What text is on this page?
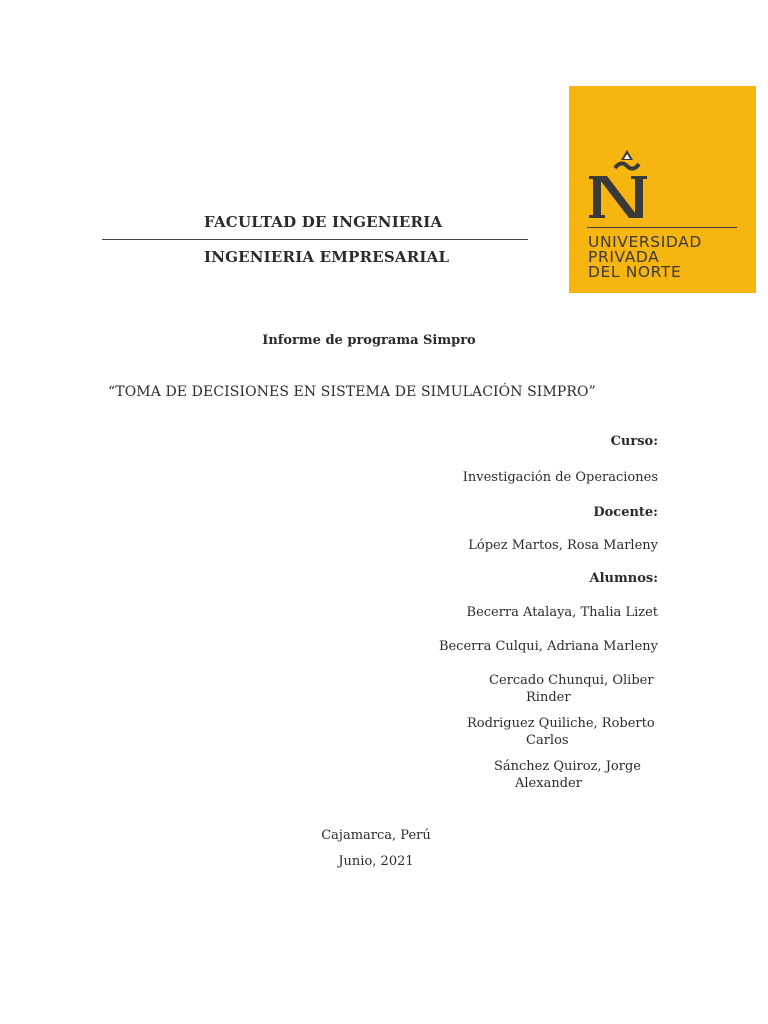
FACULTAD DE INGENIERIA
INGENIERIA EMPRESARIAL
UNIVERSIDAD
PRIVADA
DEL NORTE
Informe de programa Simpro
“TOMA DE DECISIONES EN SISTEMA DE SIMULACIÓN SIMPRO”
Curso:
Investigación de Operaciones
Docente:
López Martos, Rosa Marleny
Alumnos:
Becerra Atalaya, Thalia Lizet
Becerra Culqui, Adriana Marleny
Cercado Chunqui, Oliber
Rinder
Rodriguez Quiliche, Roberto
Carlos
Sánchez Quiroz, Jorge
Alexander
Cajamarca, Perú
Junio, 2021
